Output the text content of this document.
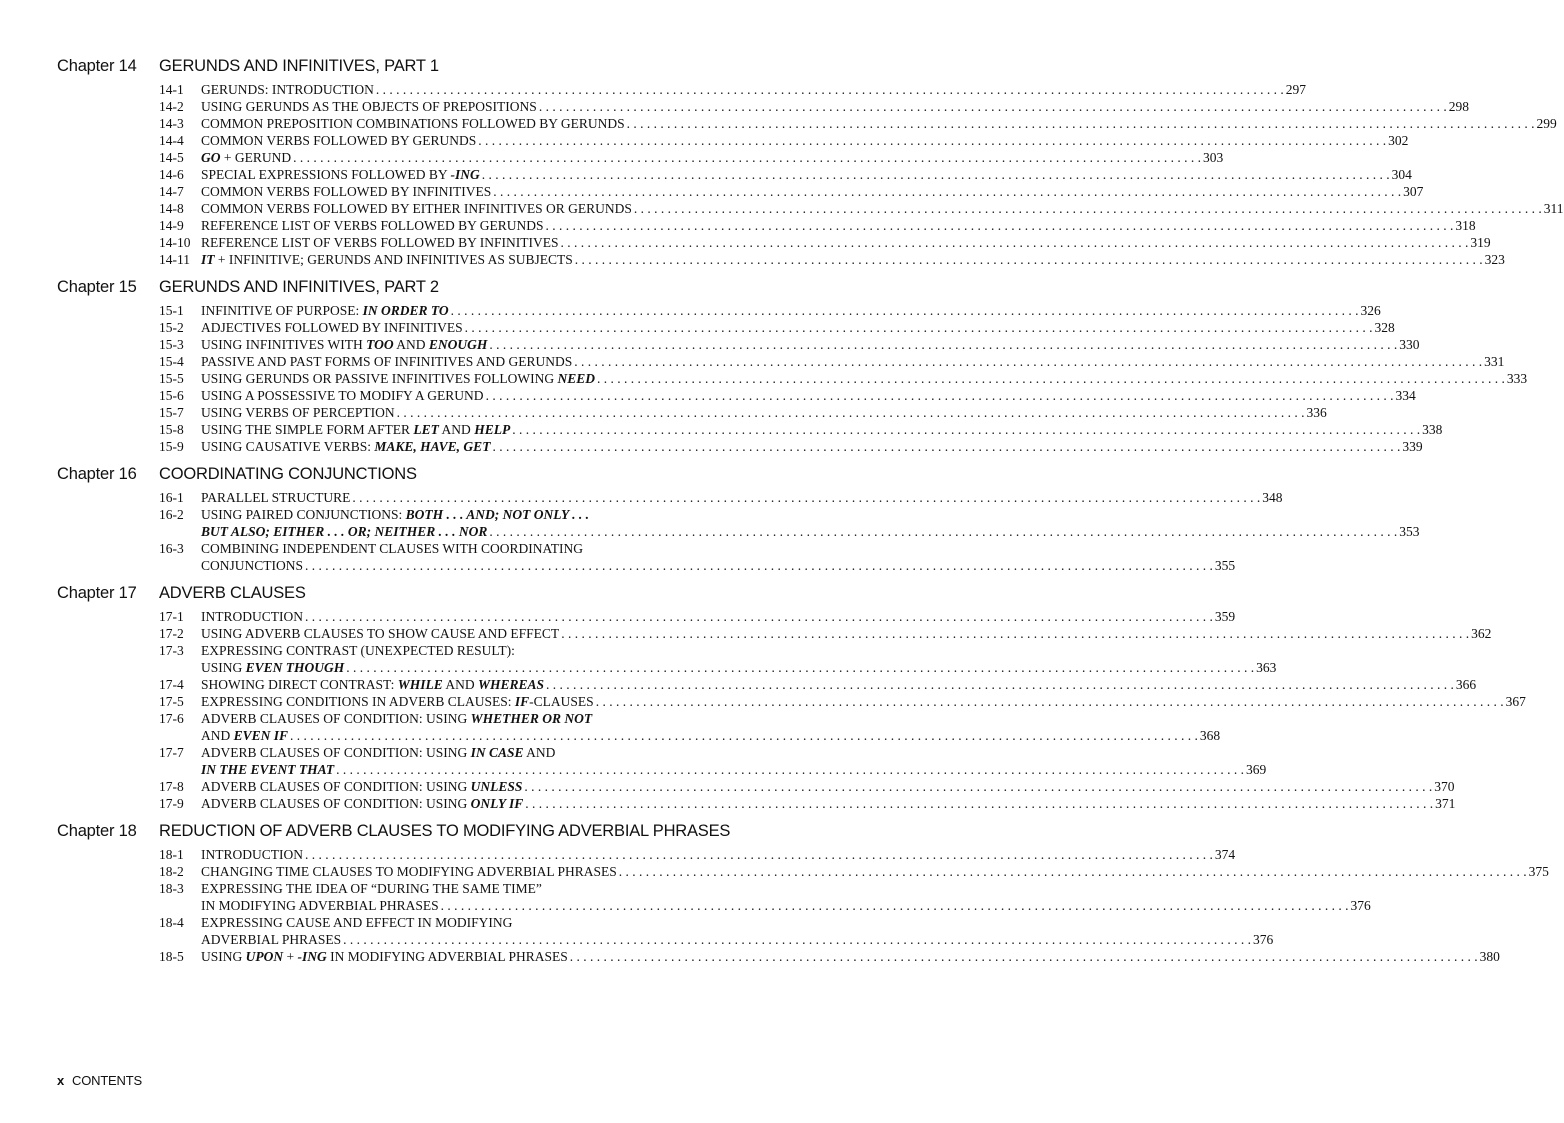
Chapter 14	GERUNDS AND INFINITIVES, PART 1
14-1	GERUNDS: INTRODUCTION . . .	297
14-2	USING GERUNDS AS THE OBJECTS OF PREPOSITIONS . . .	298
14-3	COMMON PREPOSITION COMBINATIONS FOLLOWED BY GERUNDS . . .	299
14-4	COMMON VERBS FOLLOWED BY GERUNDS . . .	302
14-5	GO + GERUND . . .	303
14-6	SPECIAL EXPRESSIONS FOLLOWED BY -ING . . .	304
14-7	COMMON VERBS FOLLOWED BY INFINITIVES . . .	307
14-8	COMMON VERBS FOLLOWED BY EITHER INFINITIVES OR GERUNDS . . .	311
14-9	REFERENCE LIST OF VERBS FOLLOWED BY GERUNDS . . .	318
14-10 REFERENCE LIST OF VERBS FOLLOWED BY INFINITIVES . . .	319
14-11 IT + INFINITIVE; GERUNDS AND INFINITIVES AS SUBJECTS . . .	323
Chapter 15	GERUNDS AND INFINITIVES, PART 2
15-1	INFINITIVE OF PURPOSE: IN ORDER TO . . .	326
15-2	ADJECTIVES FOLLOWED BY INFINITIVES . . .	328
15-3	USING INFINITIVES WITH TOO AND ENOUGH . . .	330
15-4	PASSIVE AND PAST FORMS OF INFINITIVES AND GERUNDS . . .	331
15-5	USING GERUNDS OR PASSIVE INFINITIVES FOLLOWING NEED . . .	333
15-6	USING A POSSESSIVE TO MODIFY A GERUND . . .	334
15-7	USING VERBS OF PERCEPTION . . .	336
15-8	USING THE SIMPLE FORM AFTER LET AND HELP . . .	338
15-9	USING CAUSATIVE VERBS: MAKE, HAVE, GET . . .	339
Chapter 16	COORDINATING CONJUNCTIONS
16-1	PARALLEL STRUCTURE . . .	348
16-2	USING PAIRED CONJUNCTIONS: BOTH . . . AND; NOT ONLY . . .
BUT ALSO; EITHER . . . OR; NEITHER . . . NOR . . .	353
16-3	COMBINING INDEPENDENT CLAUSES WITH COORDINATING
CONJUNCTIONS . . .	355
Chapter 17	ADVERB CLAUSES
17-1	INTRODUCTION . . .	359
17-2	USING ADVERB CLAUSES TO SHOW CAUSE AND EFFECT . . .	362
17-3	EXPRESSING CONTRAST (UNEXPECTED RESULT):
USING EVEN THOUGH . . .	363
17-4	SHOWING DIRECT CONTRAST: WHILE AND WHEREAS . . .	366
17-5	EXPRESSING CONDITIONS IN ADVERB CLAUSES: IF-CLAUSES . . .	367
17-6	ADVERB CLAUSES OF CONDITION: USING WHETHER OR NOT
AND EVEN IF . . .	368
17-7	ADVERB CLAUSES OF CONDITION: USING IN CASE AND
IN THE EVENT THAT . . .	369
17-8	ADVERB CLAUSES OF CONDITION: USING UNLESS . . .	370
17-9	ADVERB CLAUSES OF CONDITION: USING ONLY IF . . .	371
Chapter 18	REDUCTION OF ADVERB CLAUSES TO MODIFYING ADVERBIAL PHRASES
18-1	INTRODUCTION . . .	374
18-2	CHANGING TIME CLAUSES TO MODIFYING ADVERBIAL PHRASES . . .	375
18-3	EXPRESSING THE IDEA OF “DURING THE SAME TIME”
IN MODIFYING ADVERBIAL PHRASES . . .	376
18-4	EXPRESSING CAUSE AND EFFECT IN MODIFYING
ADVERBIAL PHRASES . . .	376
18-5	USING UPON + -ING IN MODIFYING ADVERBIAL PHRASES . . .	380
x CONTENTS
